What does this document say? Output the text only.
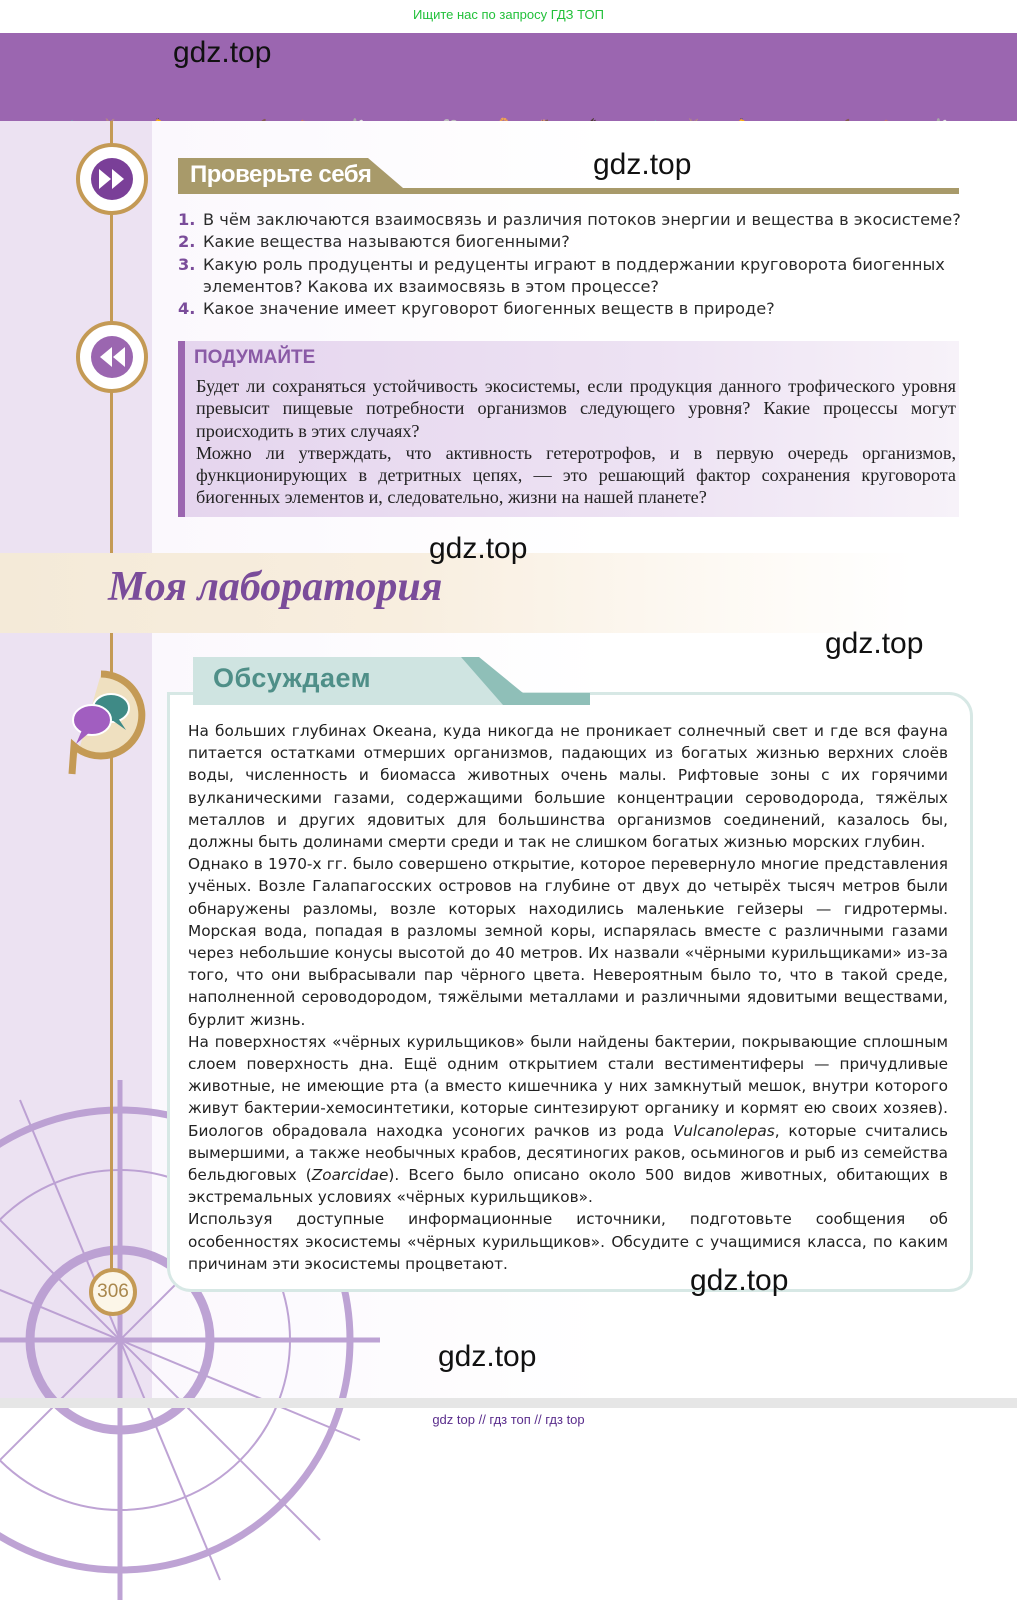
Ищите нас по запросу ГДЗ ТОП
gdz.top
Проверьте себя	gdz.top
1. В чём заключаются взаимосвязь и различия потоков энергии и вещества в экосистеме?
2. Какие вещества называются биогенными?
3. Какую роль продуценты и редуценты играют в поддержании круговорота биогенных элементов? Какова их взаимосвязь в этом процессе?
4. Какое значение имеет круговорот биогенных веществ в природе?
ПОДУМАЙТЕ
Будет ли сохраняться устойчивость экосистемы, если продукция данного трофического уровня превысит пищевые потребности организмов следующего уровня? Какие процессы могут происходить в этих случаях?
Можно ли утверждать, что активность гетеротрофов, и в первую очередь организмов, функционирующих в детритных цепях, — это решающий фактор сохранения круговорота биогенных элементов и, следовательно, жизни на нашей планете?
Моя лаборатория
gdz.top
gdz.top
Обсуждаем

На больших глубинах Океана, куда никогда не проникает солнечный свет и где вся фауна питается остатками отмерших организмов, падающих из богатых жизнью верхних слоёв воды, численность и биомасса животных очень малы. Рифтовые зоны с их горячими вулканическими газами, содержащими большие концентрации сероводорода, тяжёлых металлов и других ядовитых для большинства организмов соединений, казалось бы, должны быть долинами смерти среди и так не слишком богатых жизнью морских глубин.

Однако в 1970-х гг. было совершено открытие, которое перевернуло многие представления учёных. Возле Галапагосских островов на глубине от двух до четырёх тысяч метров были обнаружены разломы, возле которых находились маленькие гейзеры — гидротермы. Морская вода, попадая в разломы земной коры, испарялась вместе с различными газами через небольшие конусы высотой до 40 метров. Их назвали «чёрными курильщиками» из-за того, что они выбрасывали пар чёрного цвета. Невероятным было то, что в такой среде, наполненной сероводородом, тяжёлыми металлами и различными ядовитыми веществами, бурлит жизнь.

На поверхностях «чёрных курильщиков» были найдены бактерии, покрывающие сплошным слоем поверхность дна. Ещё одним открытием стали вестиментиферы — причудливые животные, не имеющие рта (а вместо кишечника у них замкнутый мешок, внутри которого живут бактерии-хемосинтетики, которые синтезируют органику и кормят ею своих хозяев). Биологов обрадовала находка усоногих рачков из рода Vulcanolepas, которые считались вымершими, а также необычных крабов, десятиногих раков, осьминогов и рыб из семейства бельдюговых (Zoarcidae). Всего было описано около 500 видов животных, обитающих в экстремальных условиях «чёрных курильщиков».

Используя доступные информационные источники, подготовьте сообщения об особенностях экосистемы «чёрных курильщиков». Обсудите с учащимися класса, по каким причинам эти экосистемы процветают.

gdz.top
gdz.top
306
gdz top // гдз топ // гдз top
